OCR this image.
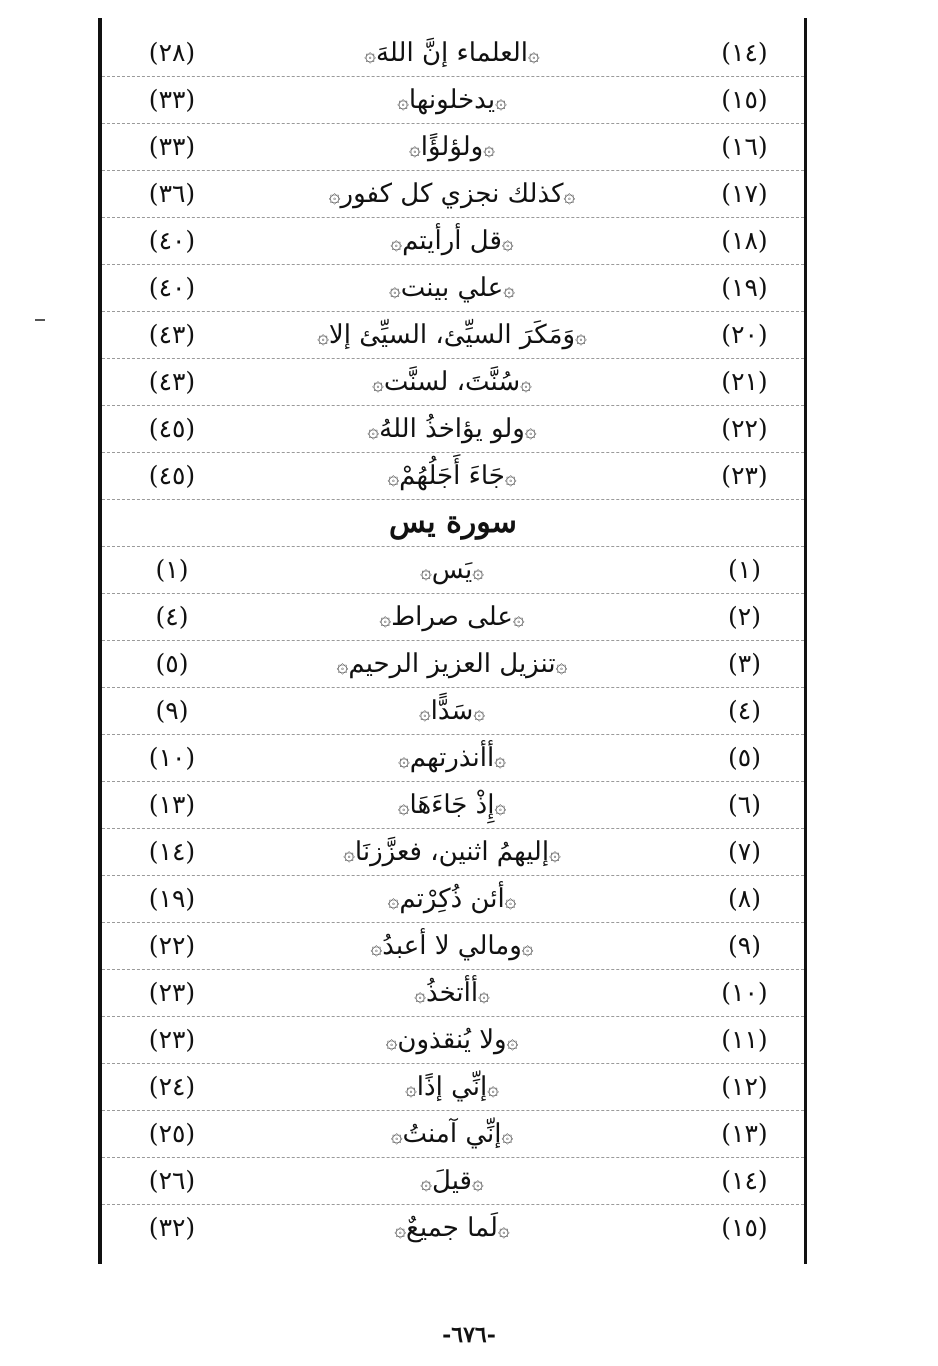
(١٤)
۞العلماء إنَّ اللهَ۞
(٢٨)
(١٥)
۞يدخلونها۞
(٣٣)
(١٦)
۞ولؤلؤًا۞
(٣٣)
(١٧)
۞كذلك نجزي كل كفور۞
(٣٦)
(١٨)
۞قل أرأيتم۞
(٤٠)
(١٩)
۞علي بينت۞
(٤٠)
(٢٠)
۞وَمَكَرَ السيِّئ، السيِّئ إلا۞
(٤٣)
(٢١)
۞سُنَّتَ، لسنَّت۞
(٤٣)
(٢٢)
۞ولو يؤاخذُ اللهُ۞
(٤٥)
(٢٣)
۞جَاءَ أَجَلُهُمْ۞
(٤٥)
سورة يس
(١)
۞يَس۞
(١)
(٢)
۞على صراط۞
(٤)
(٣)
۞تنزيل العزيز الرحيم۞
(٥)
(٤)
۞سَدًّا۞
(٩)
(٥)
۞أأنذرتهم۞
(١٠)
(٦)
۞إِذْ جَاءَهَا۞
(١٣)
(٧)
۞إليهمُ اثنين، فعزَّزنَا۞
(١٤)
(٨)
۞أئن ذُكِرْتم۞
(١٩)
(٩)
۞ومالي لا أعبدُ۞
(٢٢)
(١٠)
۞أأتخذُ۞
(٢٣)
(١١)
۞ولا يُنقذون۞
(٢٣)
(١٢)
۞إنِّي إذًا۞
(٢٤)
(١٣)
۞إنِّي آمنتُ۞
(٢٥)
(١٤)
۞قيلَ۞
(٢٦)
(١٥)
۞لَما جميعٌ۞
(٣٢)
-٦٧٦-
